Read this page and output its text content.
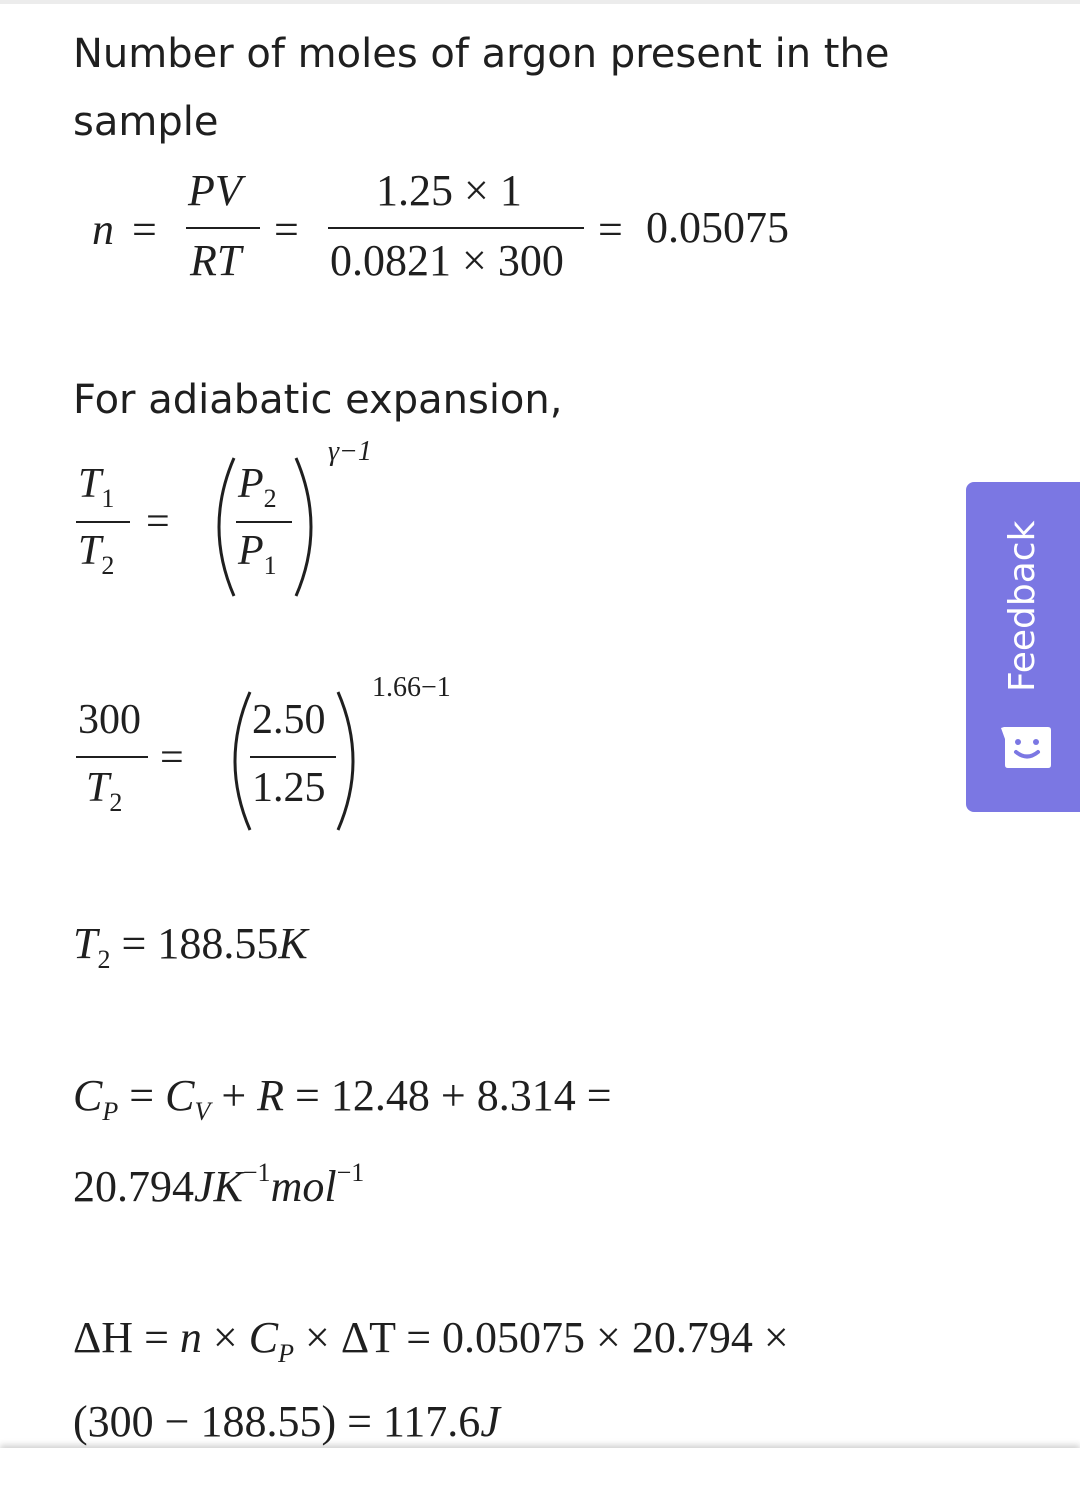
Number of moles of argon present in the sample
n =
PV
RT
=
1.25 × 1
0.0821 × 300
= 0.05075
For adiabatic expansion,
$T_1$
$T_2$
=
$P_2$
$P_1$
γ−1
300
$T_2$
=
2.50
1.25
1.66−1
$T_2 = 188.55K$
$C_P = C_V + R = 12.48 + 8.314$ =
$20.794JK^{-1}mol^{-1}$
$\Delta H = n \times C_P \times \Delta T = 0.05075 \times 20.794$ ×
(300 − 188.55) = 117.6J
Feedback
